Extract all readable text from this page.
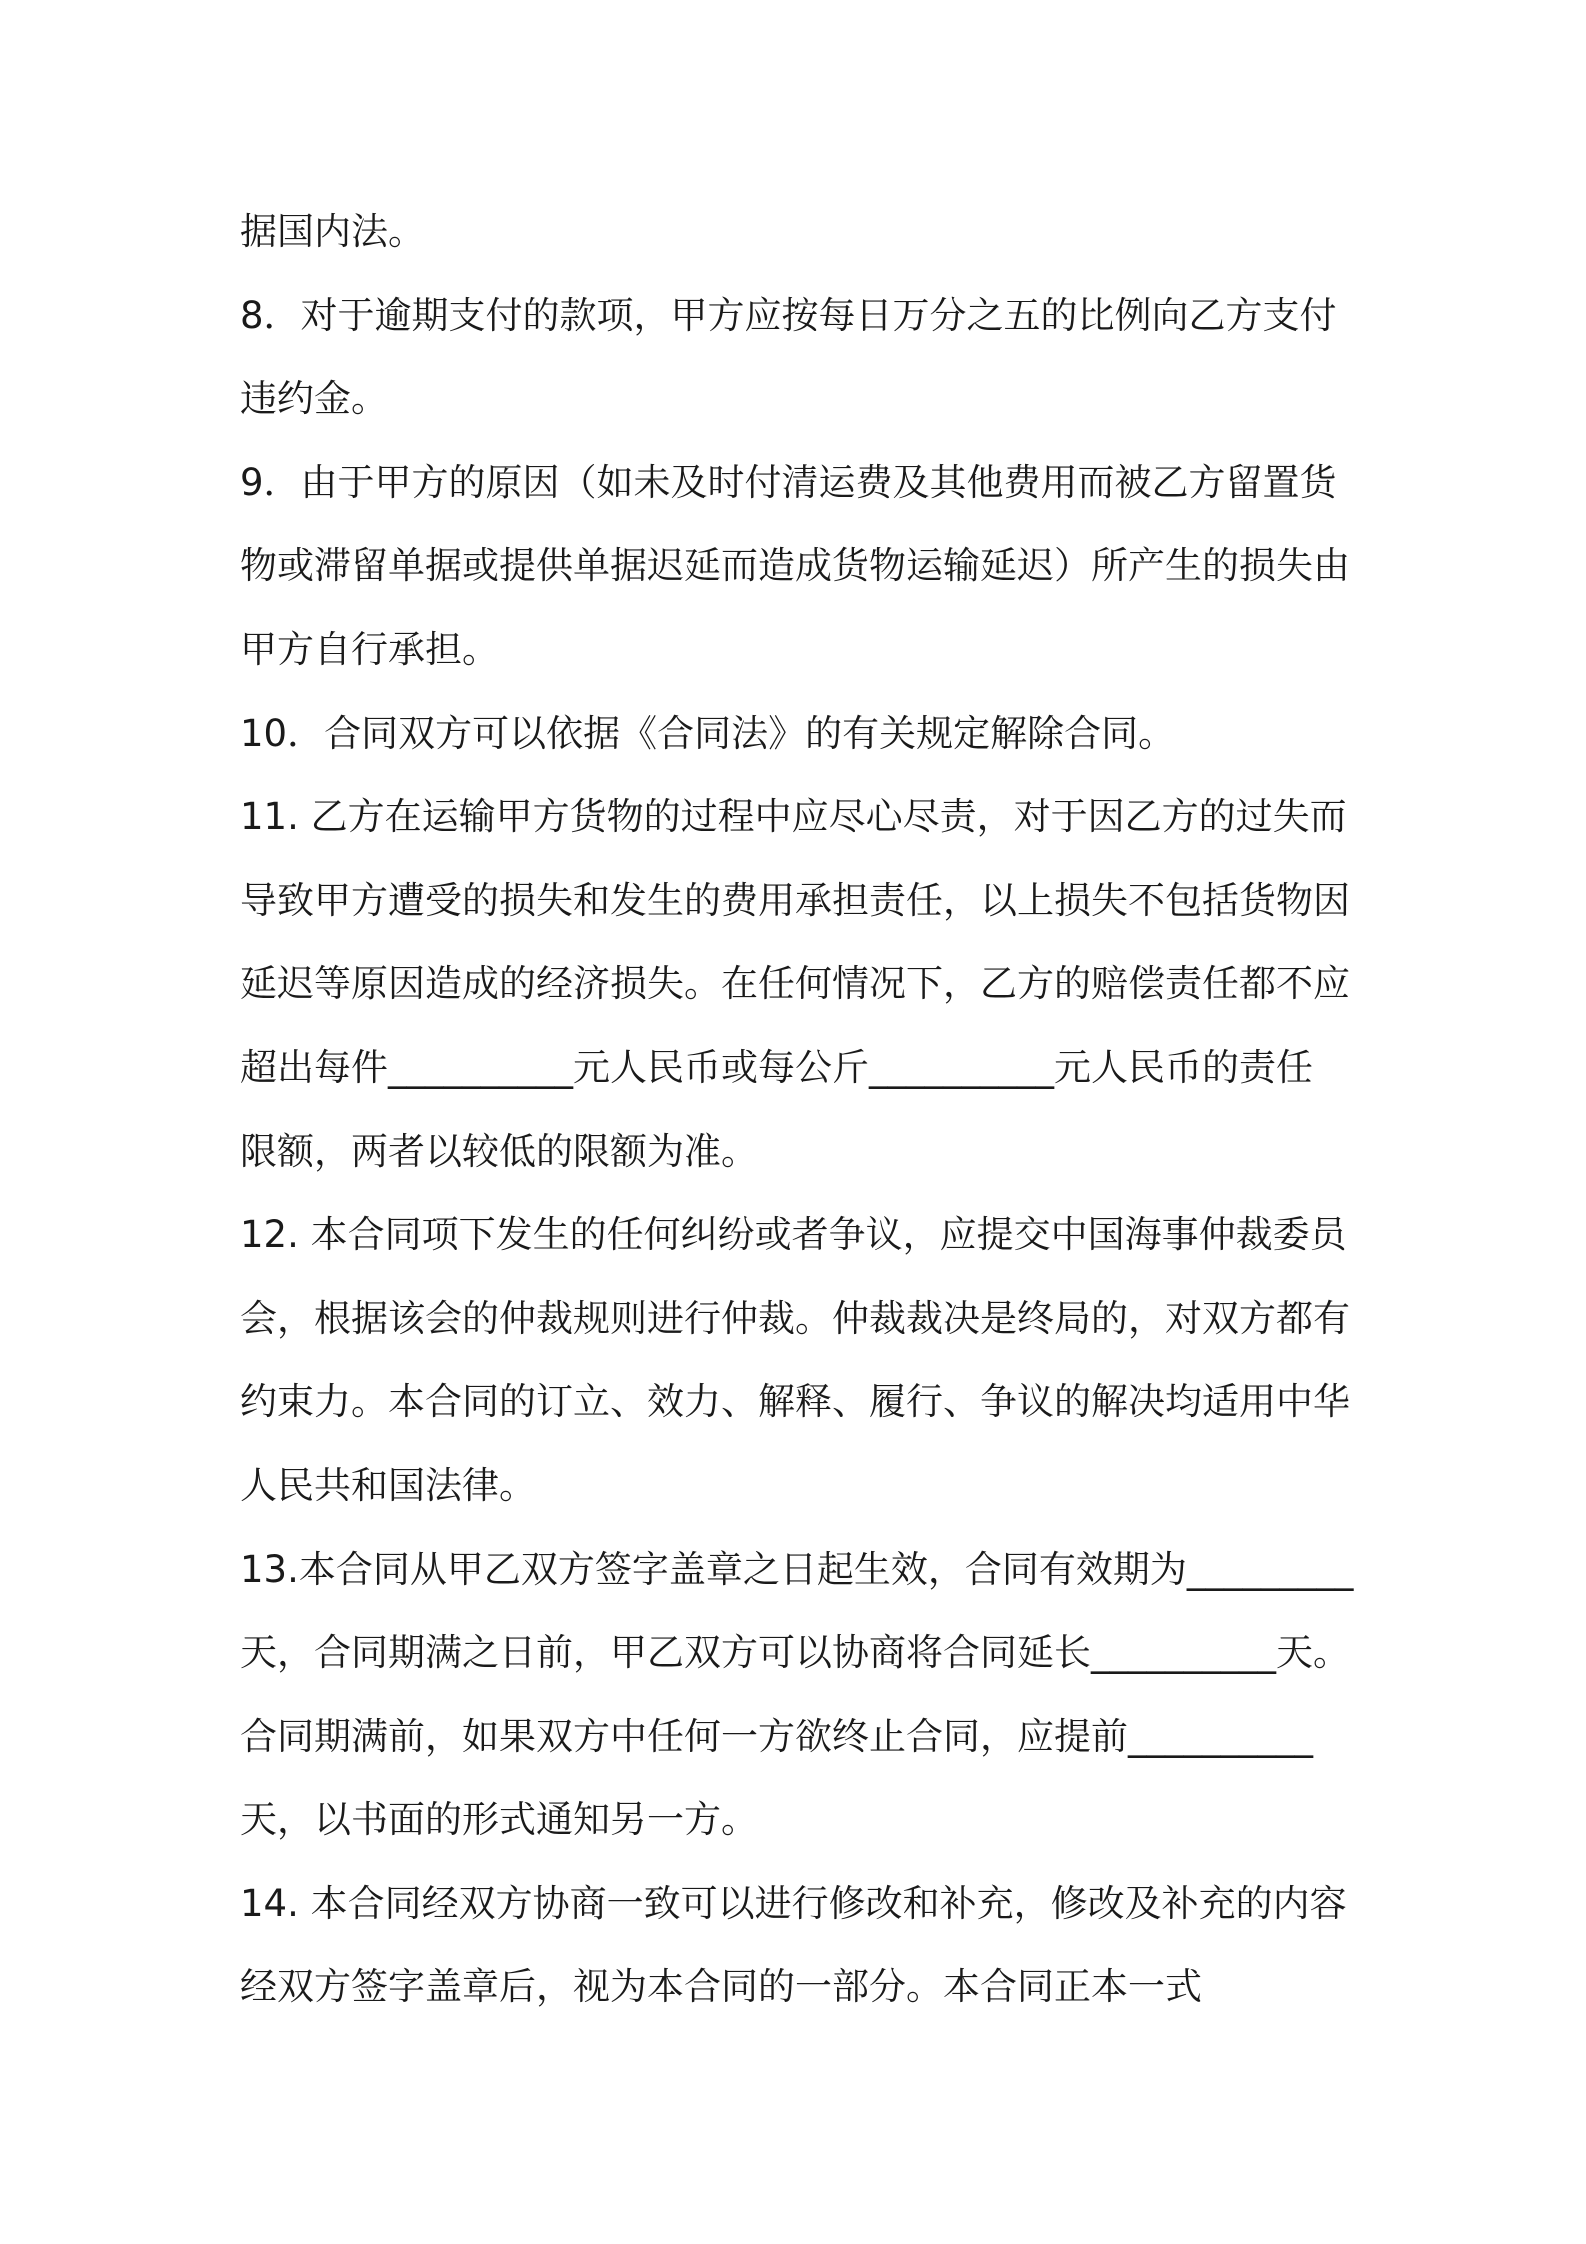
据国内法。
8．对于逾期支付的款项，甲方应按每日万分之五的比例向乙方支付
违约金。
9．由于甲方的原因（如未及时付清运费及其他费用而被乙方留置货
物或滞留单据或提供单据迟延而造成货物运输延迟）所产生的损失由
甲方自行承担。
10．合同双方可以依据《合同法》的有关规定解除合同。
11. 乙方在运输甲方货物的过程中应尽心尽责，对于因乙方的过失而
导致甲方遭受的损失和发生的费用承担责任，以上损失不包括货物因
延迟等原因造成的经济损失。在任何情况下，乙方的赔偿责任都不应
超出每件__________元人民币或每公斤__________元人民币的责任
限额，两者以较低的限额为准。
12. 本合同项下发生的任何纠纷或者争议，应提交中国海事仲裁委员
会，根据该会的仲裁规则进行仲裁。仲裁裁决是终局的，对双方都有
约束力。本合同的订立、效力、解释、履行、争议的解决均适用中华
人民共和国法律。
13.本合同从甲乙双方签字盖章之日起生效，合同有效期为_________
天，合同期满之日前，甲乙双方可以协商将合同延长__________天。
合同期满前，如果双方中任何一方欲终止合同，应提前__________
天，以书面的形式通知另一方。
14. 本合同经双方协商一致可以进行修改和补充，修改及补充的内容
经双方签字盖章后，视为本合同的一部分。本合同正本一式
